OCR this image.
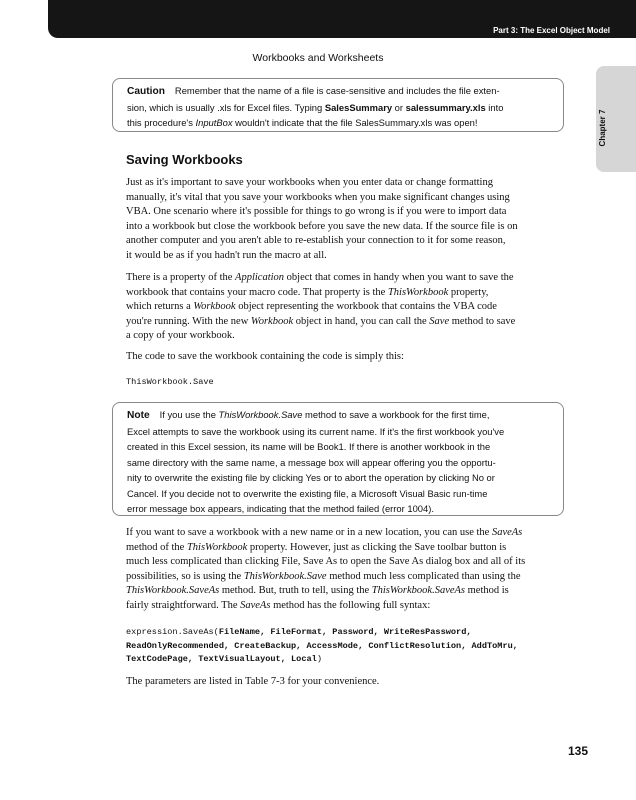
Part 3: The Excel Object Model
Workbooks and Worksheets
Chapter 7
Caution Remember that the name of a file is case-sensitive and includes the file exten-
sion, which is usually .xls for Excel files. Typing SalesSummary or salessummary.xls into
this procedure's InputBox wouldn't indicate that the file SalesSummary.xls was open!
Saving Workbooks
Just as it's important to save your workbooks when you enter data or change formatting
manually, it's vital that you save your workbooks when you make significant changes using
VBA. One scenario where it's possible for things to go wrong is if you were to import data
into a workbook but close the workbook before you save the new data. If the source file is on
another computer and you aren't able to re-establish your connection to it for some reason,
it would be as if you hadn't run the macro at all.
There is a property of the Application object that comes in handy when you want to save the
workbook that contains your macro code. That property is the ThisWorkbook property,
which returns a Workbook object representing the workbook that contains the VBA code
you're running. With the new Workbook object in hand, you can call the Save method to save
a copy of your workbook.
The code to save the workbook containing the code is simply this:
ThisWorkbook.Save
Note If you use the ThisWorkbook.Save method to save a workbook for the first time,
Excel attempts to save the workbook using its current name. If it's the first workbook you've
created in this Excel session, its name will be Book1. If there is another workbook in the
same directory with the same name, a message box will appear offering you the opportu-
nity to overwrite the existing file by clicking Yes or to abort the operation by clicking No or
Cancel. If you decide not to overwrite the existing file, a Microsoft Visual Basic run-time
error message box appears, indicating that the method failed (error 1004).
If you want to save a workbook with a new name or in a new location, you can use the SaveAs
method of the ThisWorkbook property. However, just as clicking the Save toolbar button is
much less complicated than clicking File, Save As to open the Save As dialog box and all of its
possibilities, so is using the ThisWorkbook.Save method much less complicated than using the
ThisWorkbook.SaveAs method. But, truth to tell, using the ThisWorkbook.SaveAs method is
fairly straightforward. The SaveAs method has the following full syntax:
expression.SaveAs(FileName, FileFormat, Password, WriteResPassword,
ReadOnlyRecommended, CreateBackup, AccessMode, ConflictResolution, AddToMru,
TextCodePage, TextVisualLayout, Local)
The parameters are listed in Table 7-3 for your convenience.
135
